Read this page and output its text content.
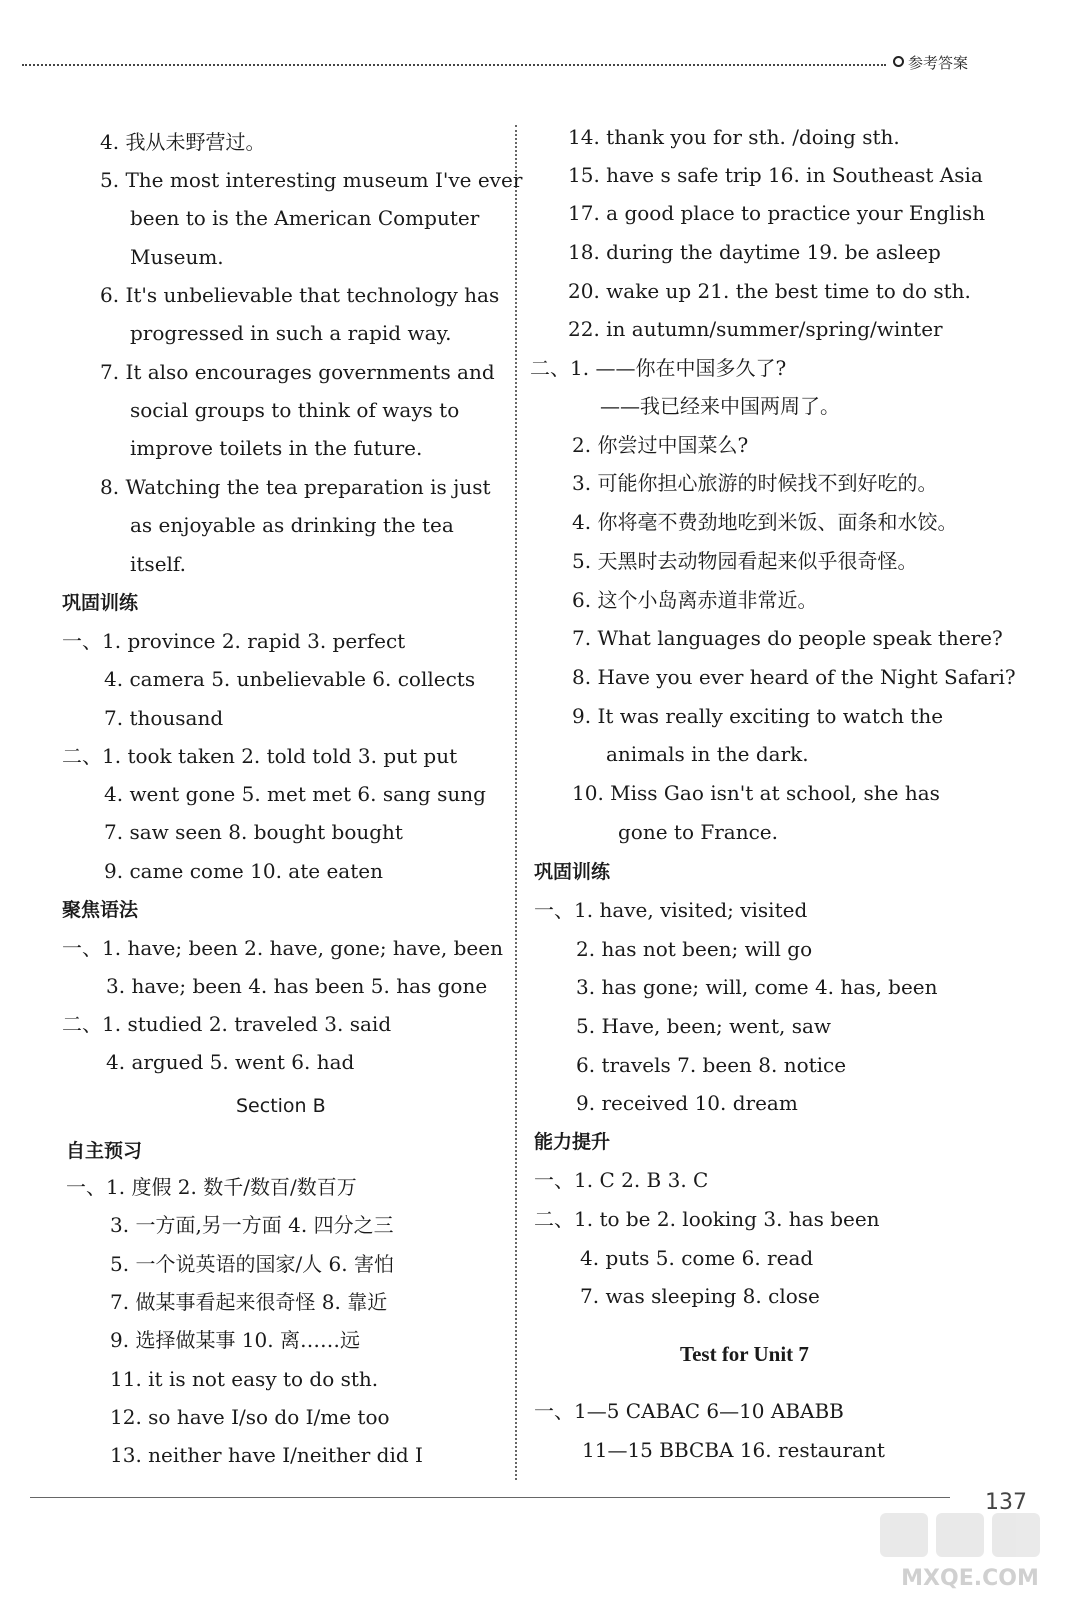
参考答案
4. 我从未野营过。
5. The most interesting museum I've ever
been to is the American Computer
Museum.
6. It's unbelievable that technology has
progressed in such a rapid way.
7. It also encourages governments and
social groups to think of ways to
improve toilets in the future.
8. Watching the tea preparation is just
as enjoyable as drinking the tea
itself.
巩固训练
一、1. province 2. rapid 3. perfect
4. camera 5. unbelievable 6. collects
7. thousand
二、1. took taken 2. told told 3. put put
4. went gone 5. met met 6. sang sung
7. saw seen 8. bought bought
9. came come 10. ate eaten
聚焦语法
一、1. have; been 2. have, gone; have, been
3. have; been 4. has been 5. has gone
二、1. studied 2. traveled 3. said
4. argued 5. went 6. had
Section B
自主预习
一、1. 度假 2. 数千/数百/数百万
3. 一方面,另一方面 4. 四分之三
5. 一个说英语的国家/人 6. 害怕
7. 做某事看起来很奇怪 8. 靠近
9. 选择做某事 10. 离……远
11. it is not easy to do sth.
12. so have I/so do I/me too
13. neither have I/neither did I
14. thank you for sth. /doing sth.
15. have s safe trip 16. in Southeast Asia
17. a good place to practice your English
18. during the daytime 19. be asleep
20. wake up 21. the best time to do sth.
22. in autumn/summer/spring/winter
二、1. ——你在中国多久了?
——我已经来中国两周了。
2. 你尝过中国菜么?
3. 可能你担心旅游的时候找不到好吃的。
4. 你将毫不费劲地吃到米饭、面条和水饺。
5. 天黑时去动物园看起来似乎很奇怪。
6. 这个小岛离赤道非常近。
7. What languages do people speak there?
8. Have you ever heard of the Night Safari?
9. It was really exciting to watch the
animals in the dark.
10. Miss Gao isn't at school, she has
gone to France.
巩固训练
一、1. have, visited; visited
2. has not been; will go
3. has gone; will, come 4. has, been
5. Have, been; went, saw
6. travels 7. been 8. notice
9. received 10. dream
能力提升
一、1. C 2. B 3. C
二、1. to be 2. looking 3. has been
4. puts 5. come 6. read
7. was sleeping 8. close
Test for Unit 7
一、1—5 CABAC 6—10 ABABB
11—15 BBCBA 16. restaurant
137
MXQE.COM
